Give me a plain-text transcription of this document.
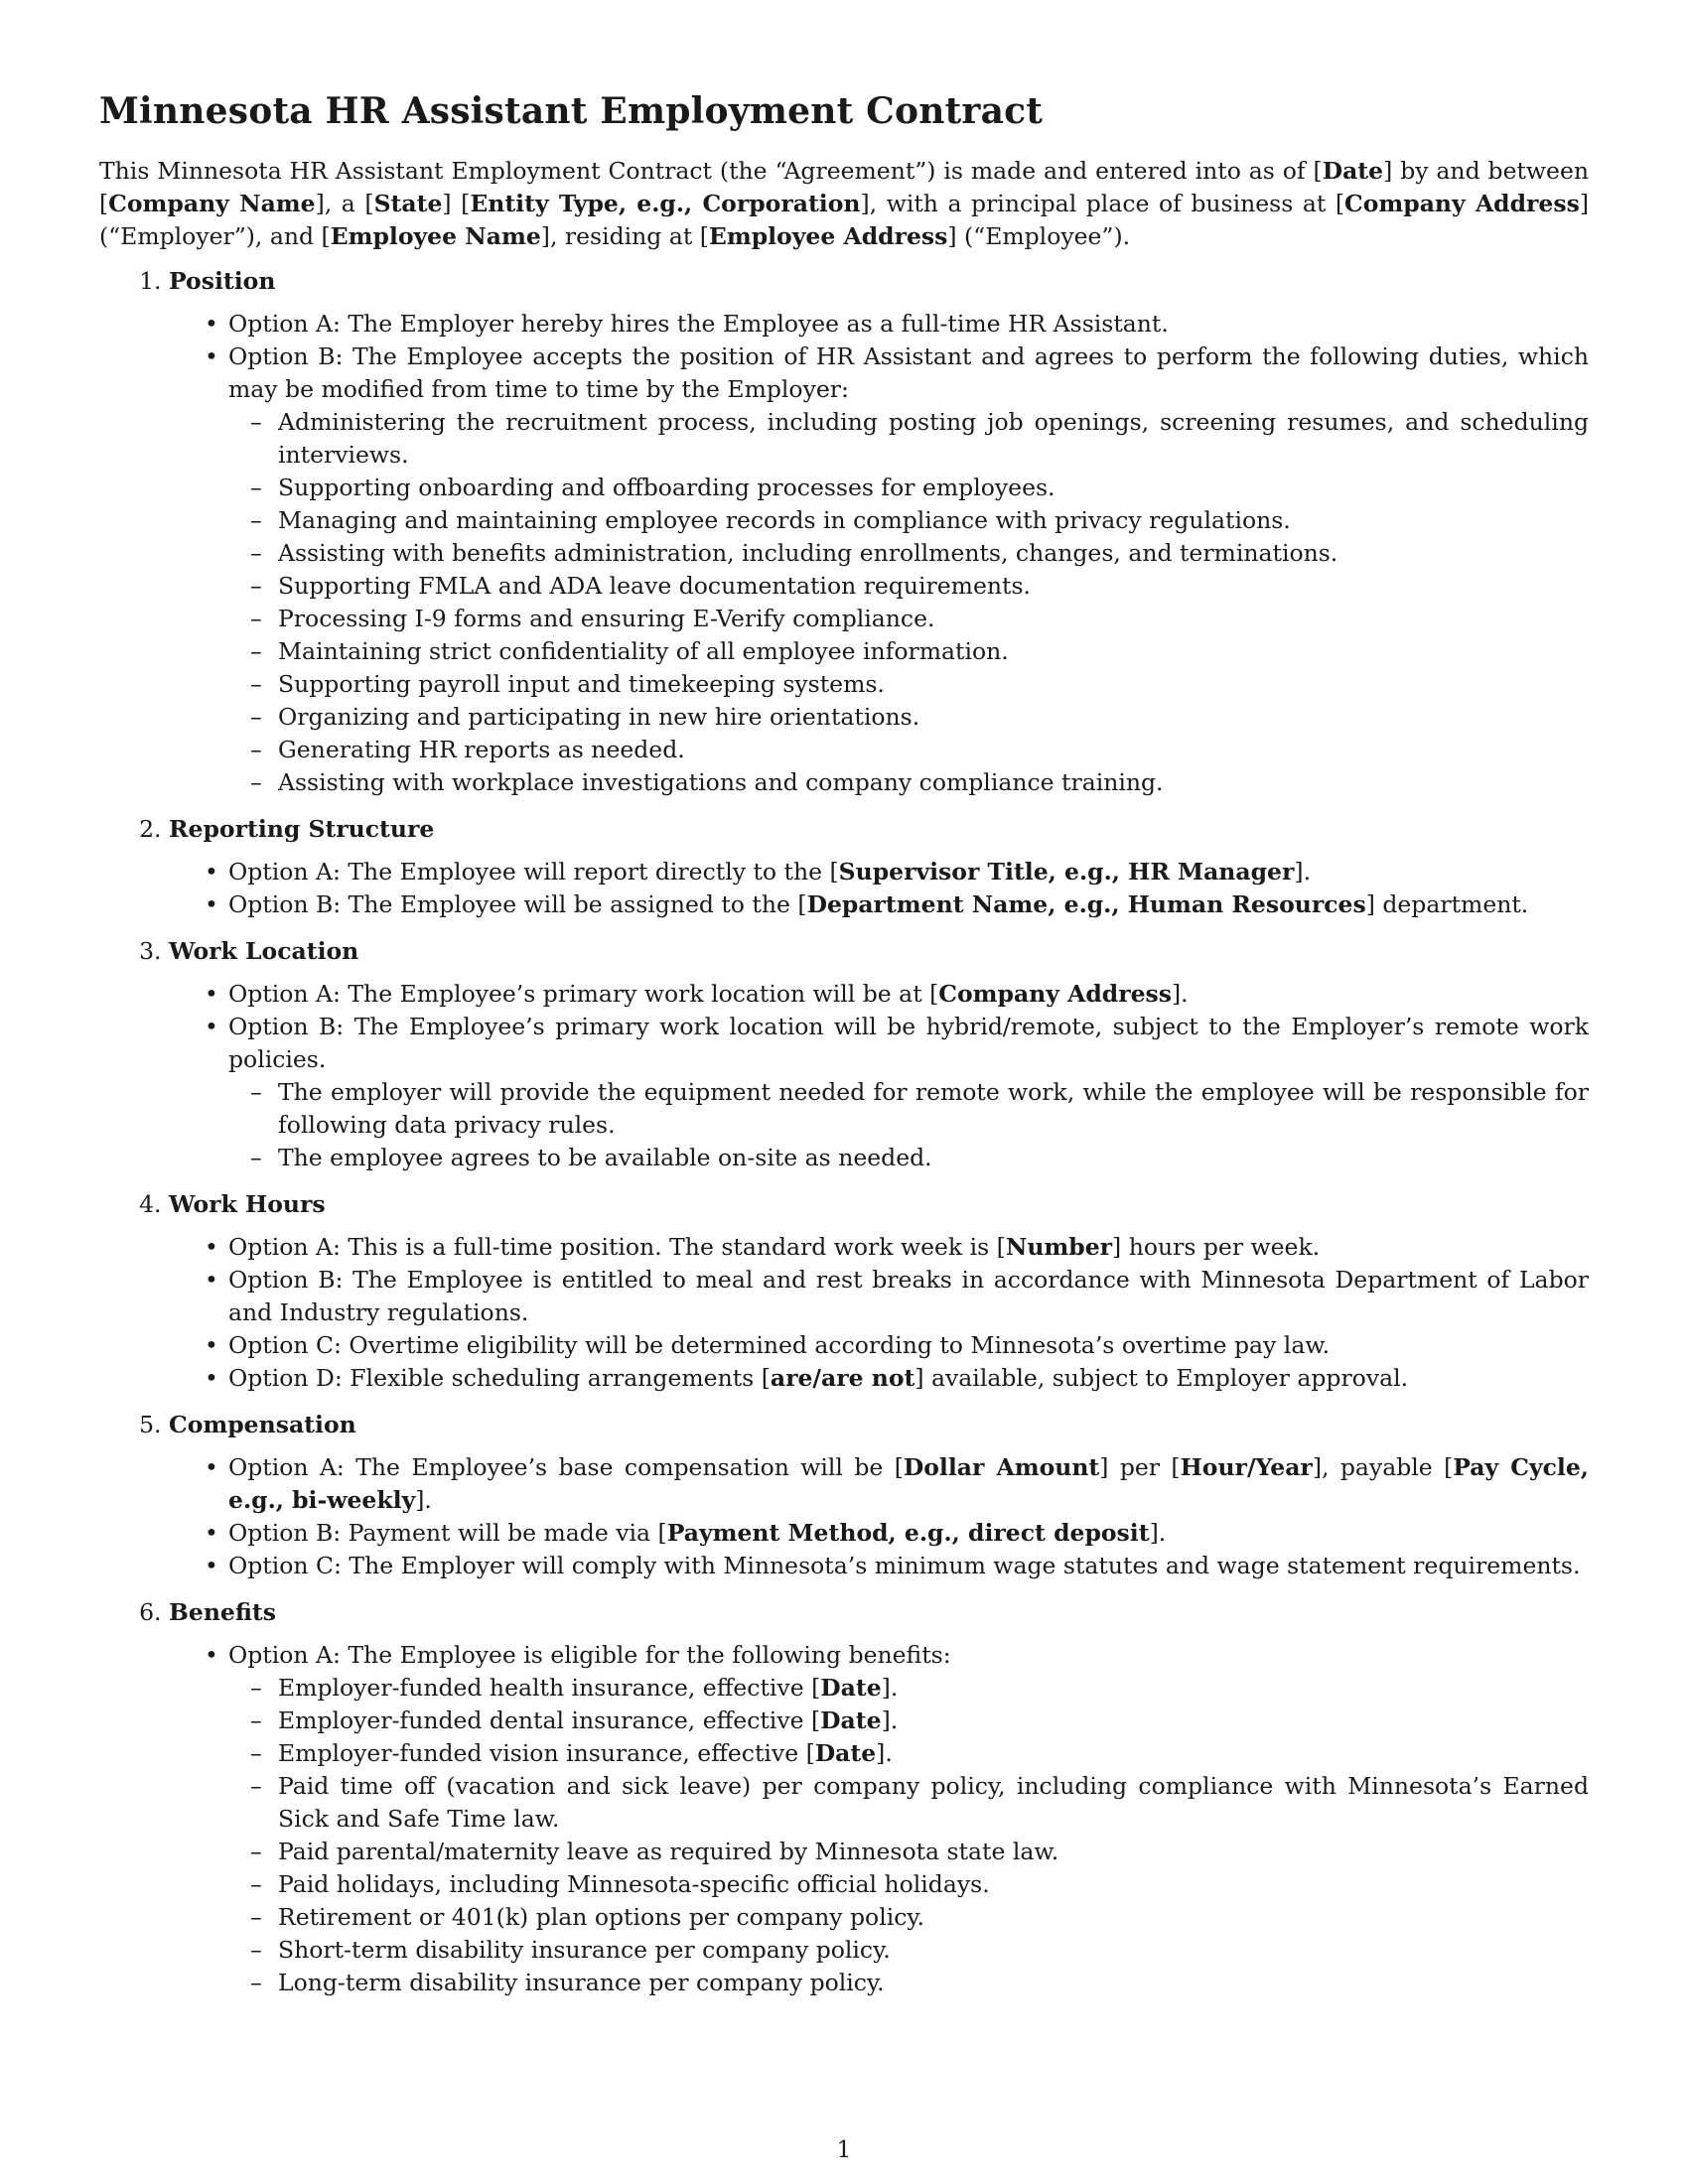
Minnesota HR Assistant Employment Contract

This Minnesota HR Assistant Employment Contract (the “Agreement”) is made and entered into as of [Date] by and between [Company Name], a [State] [Entity Type, e.g., Corporation], with a principal place of business at [Company Address] (“Employer”), and [Employee Name], residing at [Employee Address] (“Employee”).

1. Position
• Option A: The Employer hereby hires the Employee as a full-time HR Assistant.
• Option B: The Employee accepts the position of HR Assistant and agrees to perform the following duties, which may be modified from time to time by the Employer:
– Administering the recruitment process, including posting job openings, screening resumes, and scheduling interviews.
– Supporting onboarding and offboarding processes for employees.
– Managing and maintaining employee records in compliance with privacy regulations.
– Assisting with benefits administration, including enrollments, changes, and terminations.
– Supporting FMLA and ADA leave documentation requirements.
– Processing I-9 forms and ensuring E-Verify compliance.
– Maintaining strict confidentiality of all employee information.
– Supporting payroll input and timekeeping systems.
– Organizing and participating in new hire orientations.
– Generating HR reports as needed.
– Assisting with workplace investigations and company compliance training.
2. Reporting Structure
• Option A: The Employee will report directly to the [Supervisor Title, e.g., HR Manager].
• Option B: The Employee will be assigned to the [Department Name, e.g., Human Resources] department.
3. Work Location
• Option A: The Employee’s primary work location will be at [Company Address].
• Option B: The Employee’s primary work location will be hybrid/remote, subject to the Employer’s remote work policies.
– The employer will provide the equipment needed for remote work, while the employee will be responsible for following data privacy rules.
– The employee agrees to be available on-site as needed.
4. Work Hours
• Option A: This is a full-time position. The standard work week is [Number] hours per week.
• Option B: The Employee is entitled to meal and rest breaks in accordance with Minnesota Department of Labor and Industry regulations.
• Option C: Overtime eligibility will be determined according to Minnesota’s overtime pay law.
• Option D: Flexible scheduling arrangements [are/are not] available, subject to Employer approval.
5. Compensation
• Option A: The Employee’s base compensation will be [Dollar Amount] per [Hour/Year], payable [Pay Cycle, e.g., bi-weekly].
• Option B: Payment will be made via [Payment Method, e.g., direct deposit].
• Option C: The Employer will comply with Minnesota’s minimum wage statutes and wage statement requirements.
6. Benefits
• Option A: The Employee is eligible for the following benefits:
– Employer-funded health insurance, effective [Date].
– Employer-funded dental insurance, effective [Date].
– Employer-funded vision insurance, effective [Date].
– Paid time off (vacation and sick leave) per company policy, including compliance with Minnesota’s Earned Sick and Safe Time law.
– Paid parental/maternity leave as required by Minnesota state law.
– Paid holidays, including Minnesota-specific official holidays.
– Retirement or 401(k) plan options per company policy.
– Short-term disability insurance per company policy.
– Long-term disability insurance per company policy.
1
